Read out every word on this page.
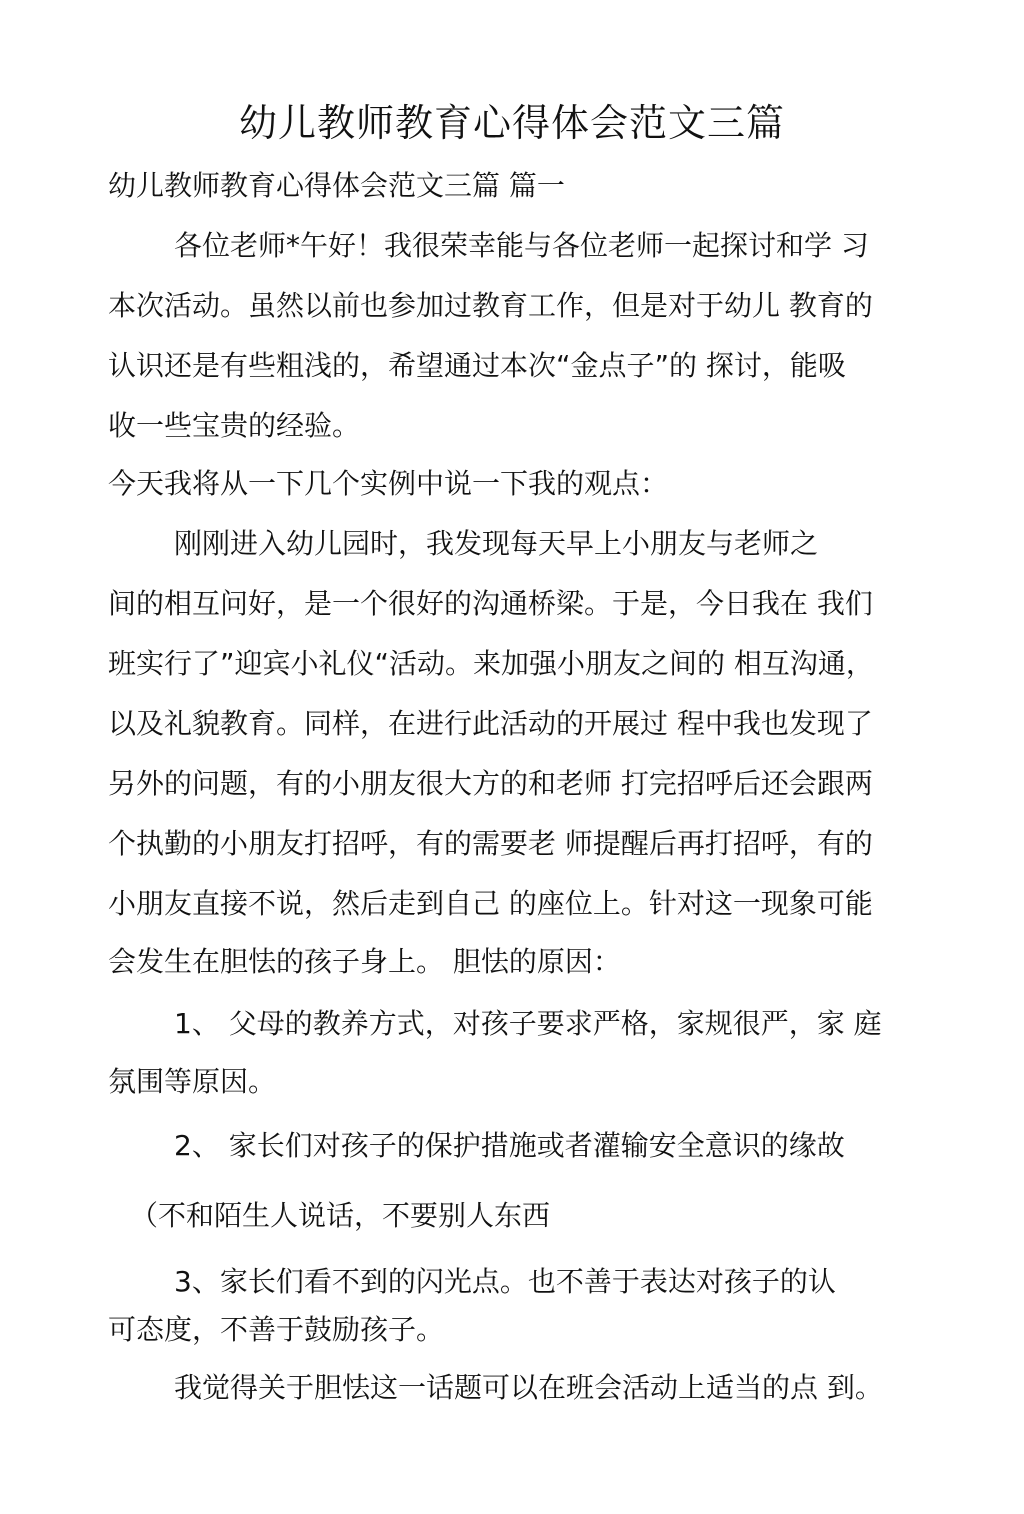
幼儿教师教育心得体会范文三篇
幼儿教师教育心得体会范文三篇 篇一
各位老师*午好！我很荣幸能与各位老师一起探讨和学 习
本次活动。虽然以前也参加过教育工作，但是对于幼儿 教育的
认识还是有些粗浅的，希望通过本次“金点子”的 探讨，能吸
收一些宝贵的经验。
今天我将从一下几个实例中说一下我的观点：
刚刚进入幼儿园时，我发现每天早上小朋友与老师之
间的相互问好，是一个很好的沟通桥梁。于是，今日我在 我们
班实行了”迎宾小礼仪“活动。来加强小朋友之间的 相互沟通，
以及礼貌教育。同样，在进行此活动的开展过 程中我也发现了
另外的问题，有的小朋友很大方的和老师 打完招呼后还会跟两
个执勤的小朋友打招呼，有的需要老 师提醒后再打招呼，有的
小朋友直接不说，然后走到自己 的座位上。针对这一现象可能
会发生在胆怯的孩子身上。 胆怯的原因：
1、 父母的教养方式，对孩子要求严格，家规很严，家 庭
氛围等原因。
2、 家长们对孩子的保护措施或者灌输安全意识的缘故
（不和陌生人说话，不要别人东西
3、家长们看不到的闪光点。也不善于表达对孩子的认
可态度，不善于鼓励孩子。
我觉得关于胆怯这一话题可以在班会活动上适当的点 到。
